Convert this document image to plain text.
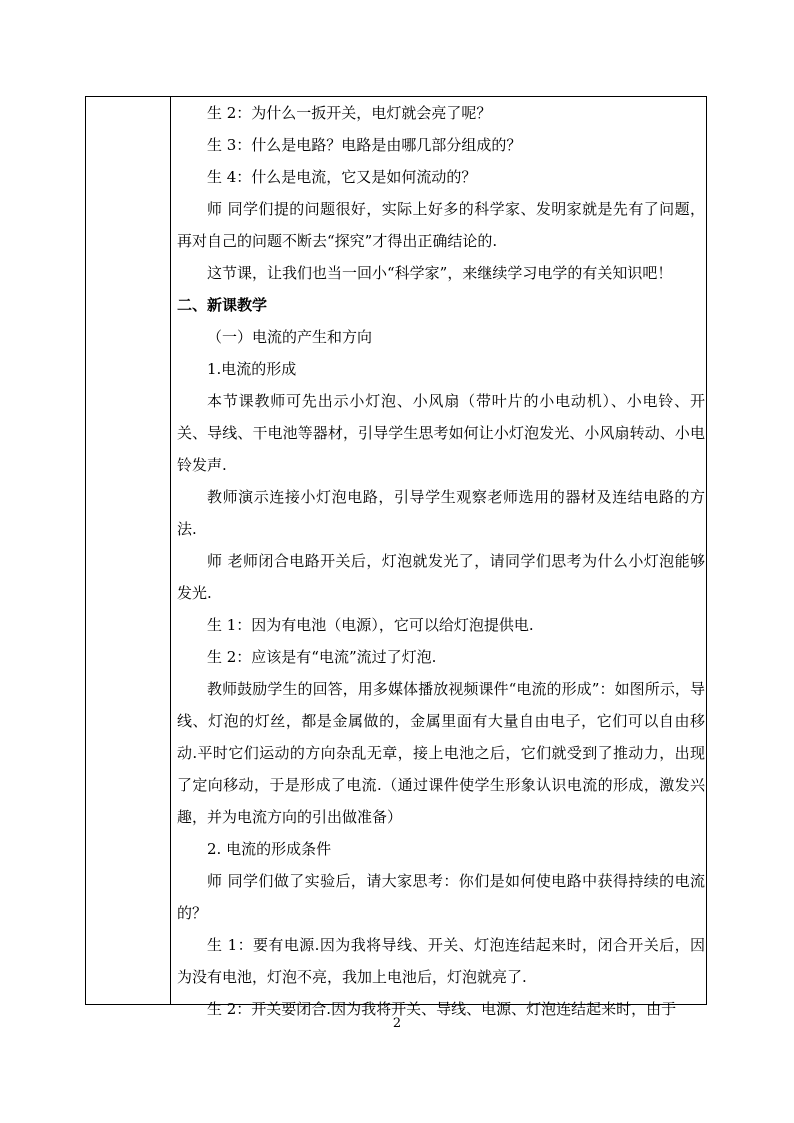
生 2：为什么一扳开关，电灯就会亮了呢？

生 3：什么是电路？电路是由哪几部分组成的？

生 4：什么是电流，它又是如何流动的？

师 同学们提的问题很好，实际上好多的科学家、发明家就是先有了问题，再对自己的问题不断去“探究”才得出正确结论的.

这节课，让我们也当一回小“科学家”，来继续学习电学的有关知识吧！

二、新课教学

（一）电流的产生和方向

1.电流的形成

本节课教师可先出示小灯泡、小风扇（带叶片的小电动机）、小电铃、开关、导线、干电池等器材，引导学生思考如何让小灯泡发光、小风扇转动、小电铃发声.

教师演示连接小灯泡电路，引导学生观察老师选用的器材及连结电路的方法.

师 老师闭合电路开关后，灯泡就发光了，请同学们思考为什么小灯泡能够发光.

生 1：因为有电池（电源），它可以给灯泡提供电.

生 2：应该是有“电流”流过了灯泡.

教师鼓励学生的回答，用多媒体播放视频课件“电流的形成”：如图所示，导线、灯泡的灯丝，都是金属做的，金属里面有大量自由电子，它们可以自由移动.平时它们运动的方向杂乱无章，接上电池之后，它们就受到了推动力，出现了定向移动，于是形成了电流.（通过课件使学生形象认识电流的形成，激发兴趣，并为电流方向的引出做准备）

2. 电流的形成条件

师 同学们做了实验后，请大家思考：你们是如何使电路中获得持续的电流的？

生 1：要有电源.因为我将导线、开关、灯泡连结起来时，闭合开关后，因为没有电池，灯泡不亮，我加上电池后，灯泡就亮了.

生 2：开关要闭合.因为我将开关、导线、电源、灯泡连结起来时，由于

2
